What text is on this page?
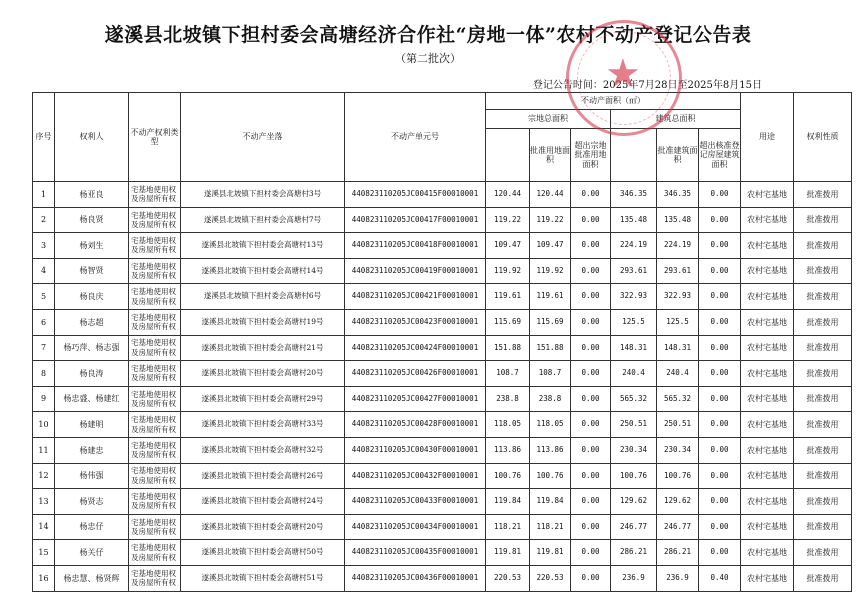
遂溪县北坡镇下担村委会高塘经济合作社“房地一体”农村不动产登记公告表
（第二批次）
登记公告时间：2025年7月28日至2025年8月15日
序号	权利人	不动产权利类型	不动产坐落	不动产单元号	不动产面积（㎡）						用途	权利性质
					宗地总面积			建筑总面积				
						批准用地面积	超出宗地批准用地面积		批准建筑面积	超出核准登记房屋建筑面积		
1	杨亚良	宅基地使用权及房屋所有权	遂溪县北坡镇下担村委会高塘村3号	440823110205JC00415F00010001	120.44	120.44	0.00	346.35	346.35	0.00	农村宅基地	批准拨用
2	杨良贤	宅基地使用权及房屋所有权	遂溪县北坡镇下担村委会高塘村7号	440823110205JC00417F00010001	119.22	119.22	0.00	135.48	135.48	0.00	农村宅基地	批准拨用
3	杨刘生	宅基地使用权及房屋所有权	遂溪县北坡镇下担村委会高塘村13号	440823110205JC00418F00010001	109.47	109.47	0.00	224.19	224.19	0.00	农村宅基地	批准拨用
4	杨智贤	宅基地使用权及房屋所有权	遂溪县北坡镇下担村委会高塘村14号	440823110205JC00419F00010001	119.92	119.92	0.00	293.61	293.61	0.00	农村宅基地	批准拨用
5	杨良庆	宅基地使用权及房屋所有权	遂溪县北坡镇下担村委会高塘村6号	440823110205JC00421F00010001	119.61	119.61	0.00	322.93	322.93	0.00	农村宅基地	批准拨用
6	杨志超	宅基地使用权及房屋所有权	遂溪县北坡镇下担村委会高塘村19号	440823110205JC00423F00010001	115.69	115.69	0.00	125.5	125.5	0.00	农村宅基地	批准拨用
7	杨巧萍、杨志强	宅基地使用权及房屋所有权	遂溪县北坡镇下担村委会高塘村21号	440823110205JC00424F00010001	151.88	151.88	0.00	148.31	148.31	0.00	农村宅基地	批准拨用
8	杨良涛	宅基地使用权及房屋所有权	遂溪县北坡镇下担村委会高塘村20号	440823110205JC00426F00010001	108.7	108.7	0.00	240.4	240.4	0.00	农村宅基地	批准拨用
9	杨忠盛、杨建红	宅基地使用权及房屋所有权	遂溪县北坡镇下担村委会高塘村29号	440823110205JC00427F00010001	238.8	238.8	0.00	565.32	565.32	0.00	农村宅基地	批准拨用
10	杨建明	宅基地使用权及房屋所有权	遂溪县北坡镇下担村委会高塘村33号	440823110205JC00428F00010001	118.05	118.05	0.00	250.51	250.51	0.00	农村宅基地	批准拨用
11	杨建忠	宅基地使用权及房屋所有权	遂溪县北坡镇下担村委会高塘村32号	440823110205JC00430F00010001	113.86	113.86	0.00	230.34	230.34	0.00	农村宅基地	批准拨用
12	杨伟强	宅基地使用权及房屋所有权	遂溪县北坡镇下担村委会高塘村26号	440823110205JC00432F00010001	100.76	100.76	0.00	100.76	100.76	0.00	农村宅基地	批准拨用
13	杨贤志	宅基地使用权及房屋所有权	遂溪县北坡镇下担村委会高塘村24号	440823110205JC00433F00010001	119.84	119.84	0.00	129.62	129.62	0.00	农村宅基地	批准拨用
14	杨忠仔	宅基地使用权及房屋所有权	遂溪县北坡镇下担村委会高塘村20号	440823110205JC00434F00010001	118.21	118.21	0.00	246.77	246.77	0.00	农村宅基地	批准拨用
15	杨关仔	宅基地使用权及房屋所有权	遂溪县北坡镇下担村委会高塘村50号	440823110205JC00435F00010001	119.81	119.81	0.00	286.21	286.21	0.00	农村宅基地	批准拨用
16	杨忠慧、杨贤辉	宅基地使用权及房屋所有权	遂溪县北坡镇下担村委会高塘村51号	440823110205JC00436F00010001	220.53	220.53	0.00	236.9	236.9	0.40	农村宅基地	批准拨用
★
